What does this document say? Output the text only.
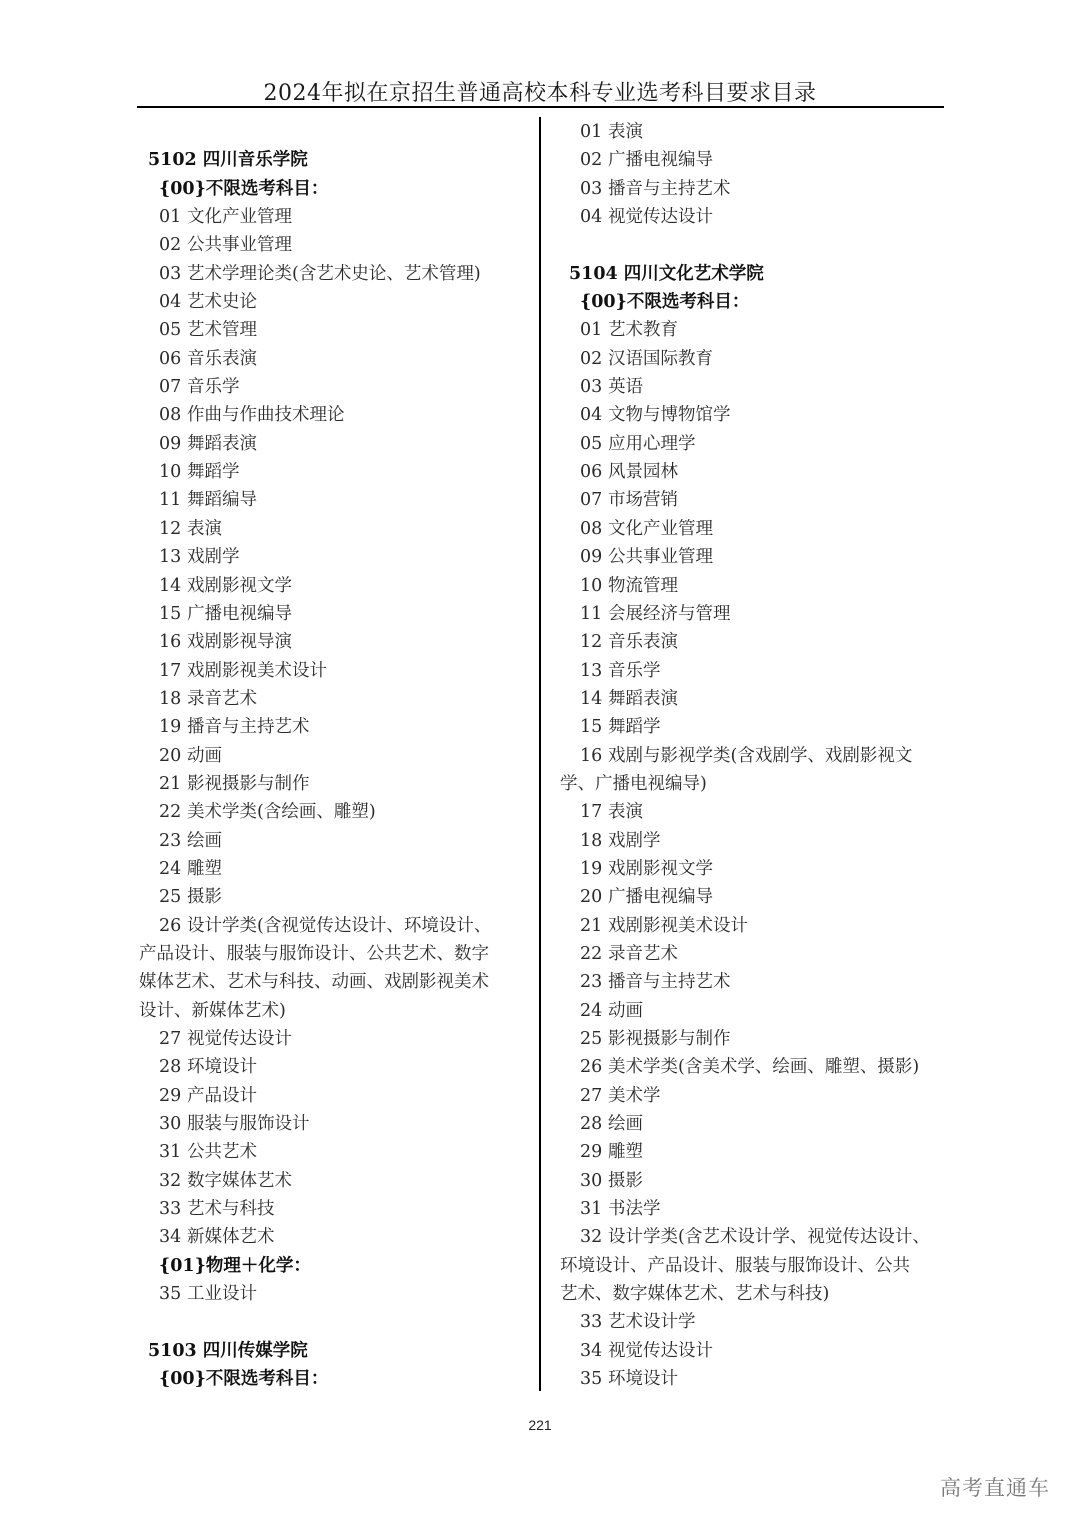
2024年拟在京招生普通高校本科专业选考科目要求目录
5102 四川音乐学院
{00}不限选考科目：
01 文化产业管理
02 公共事业管理
03 艺术学理论类(含艺术史论、艺术管理)
04 艺术史论
05 艺术管理
06 音乐表演
07 音乐学
08 作曲与作曲技术理论
09 舞蹈表演
10 舞蹈学
11 舞蹈编导
12 表演
13 戏剧学
14 戏剧影视文学
15 广播电视编导
16 戏剧影视导演
17 戏剧影视美术设计
18 录音艺术
19 播音与主持艺术
20 动画
21 影视摄影与制作
22 美术学类(含绘画、雕塑)
23 绘画
24 雕塑
25 摄影
26 设计学类(含视觉传达设计、环境设计、
产品设计、服装与服饰设计、公共艺术、数字
媒体艺术、艺术与科技、动画、戏剧影视美术
设计、新媒体艺术)
27 视觉传达设计
28 环境设计
29 产品设计
30 服装与服饰设计
31 公共艺术
32 数字媒体艺术
33 艺术与科技
34 新媒体艺术
{01}物理＋化学：
35 工业设计
5103 四川传媒学院
{00}不限选考科目：
01 表演
02 广播电视编导
03 播音与主持艺术
04 视觉传达设计
5104 四川文化艺术学院
{00}不限选考科目：
01 艺术教育
02 汉语国际教育
03 英语
04 文物与博物馆学
05 应用心理学
06 风景园林
07 市场营销
08 文化产业管理
09 公共事业管理
10 物流管理
11 会展经济与管理
12 音乐表演
13 音乐学
14 舞蹈表演
15 舞蹈学
16 戏剧与影视学类(含戏剧学、戏剧影视文
学、广播电视编导)
17 表演
18 戏剧学
19 戏剧影视文学
20 广播电视编导
21 戏剧影视美术设计
22 录音艺术
23 播音与主持艺术
24 动画
25 影视摄影与制作
26 美术学类(含美术学、绘画、雕塑、摄影)
27 美术学
28 绘画
29 雕塑
30 摄影
31 书法学
32 设计学类(含艺术设计学、视觉传达设计、
环境设计、产品设计、服装与服饰设计、公共
艺术、数字媒体艺术、艺术与科技)
33 艺术设计学
34 视觉传达设计
35 环境设计
221
高考直通车
